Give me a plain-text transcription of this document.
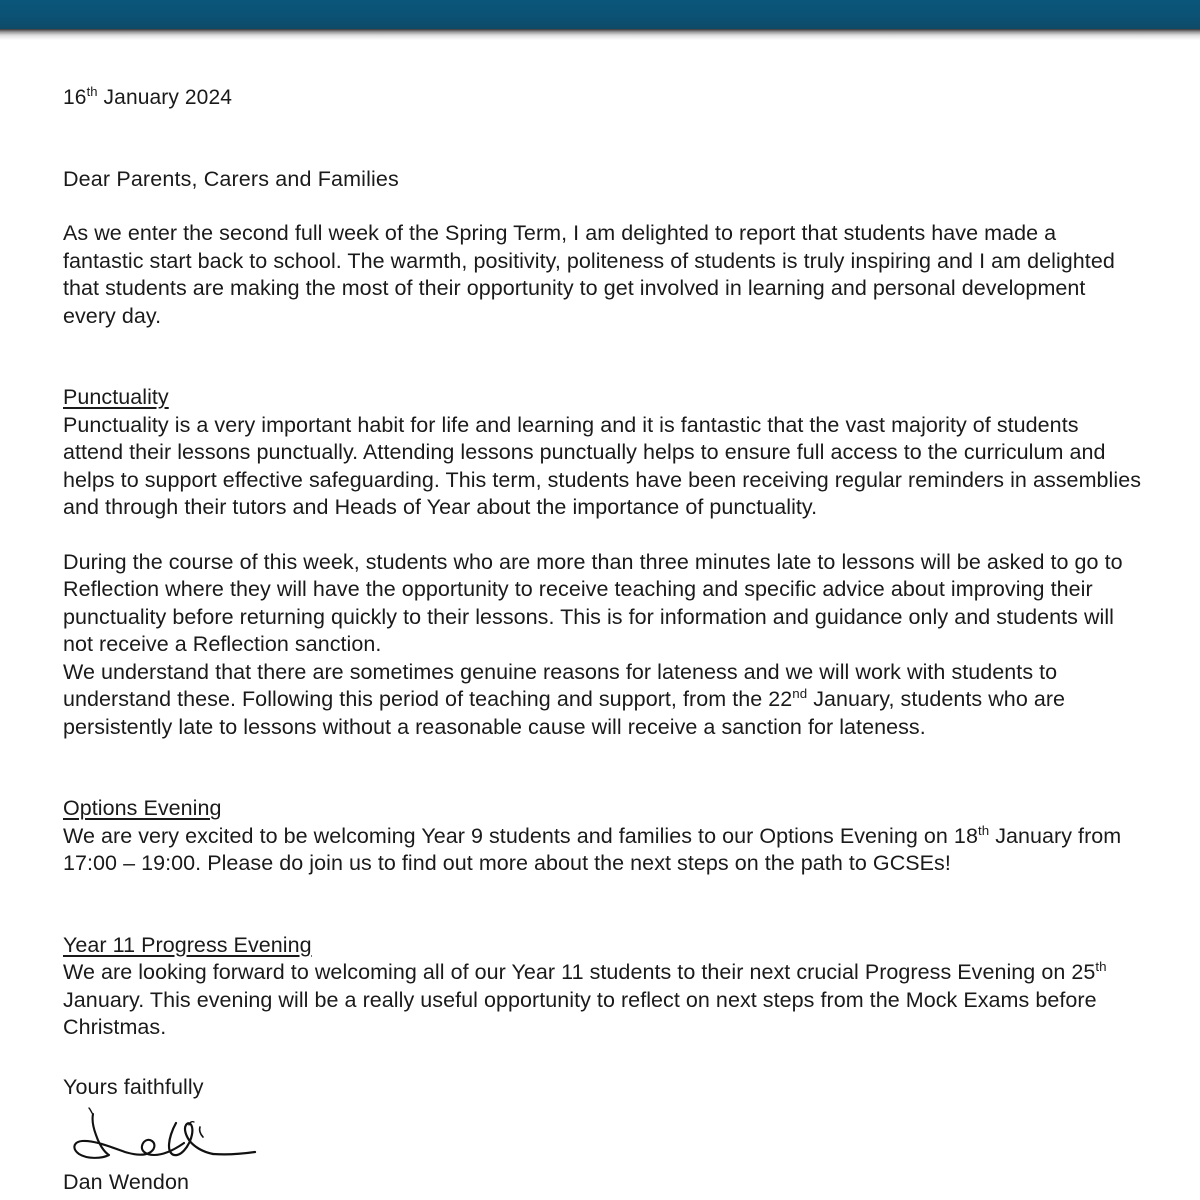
16th January 2024
Dear Parents, Carers and Families

As we enter the second full week of the Spring Term, I am delighted to report that students have made a fantastic start back to school. The warmth, positivity, politeness of students is truly inspiring and I am delighted that students are making the most of their opportunity to get involved in learning and personal development every day.

Punctuality

Punctuality is a very important habit for life and learning and it is fantastic that the vast majority of students attend their lessons punctually. Attending lessons punctually helps to ensure full access to the curriculum and helps to support effective safeguarding. This term, students have been receiving regular reminders in assemblies and through their tutors and Heads of Year about the importance of punctuality.

During the course of this week, students who are more than three minutes late to lessons will be asked to go to Reflection where they will have the opportunity to receive teaching and specific advice about improving their punctuality before returning quickly to their lessons. This is for information and guidance only and students will not receive a Reflection sanction.

We understand that there are sometimes genuine reasons for lateness and we will work with students to understand these. Following this period of teaching and support, from the 22nd January, students who are persistently late to lessons without a reasonable cause will receive a sanction for lateness.

Options Evening

We are very excited to be welcoming Year 9 students and families to our Options Evening on 18th January from 17:00 – 19:00. Please do join us to find out more about the next steps on the path to GCSEs!

Year 11 Progress Evening

We are looking forward to welcoming all of our Year 11 students to their next crucial Progress Evening on 25th January. This evening will be a really useful opportunity to reflect on next steps from the Mock Exams before Christmas.

Yours faithfully
Dan Wendon
